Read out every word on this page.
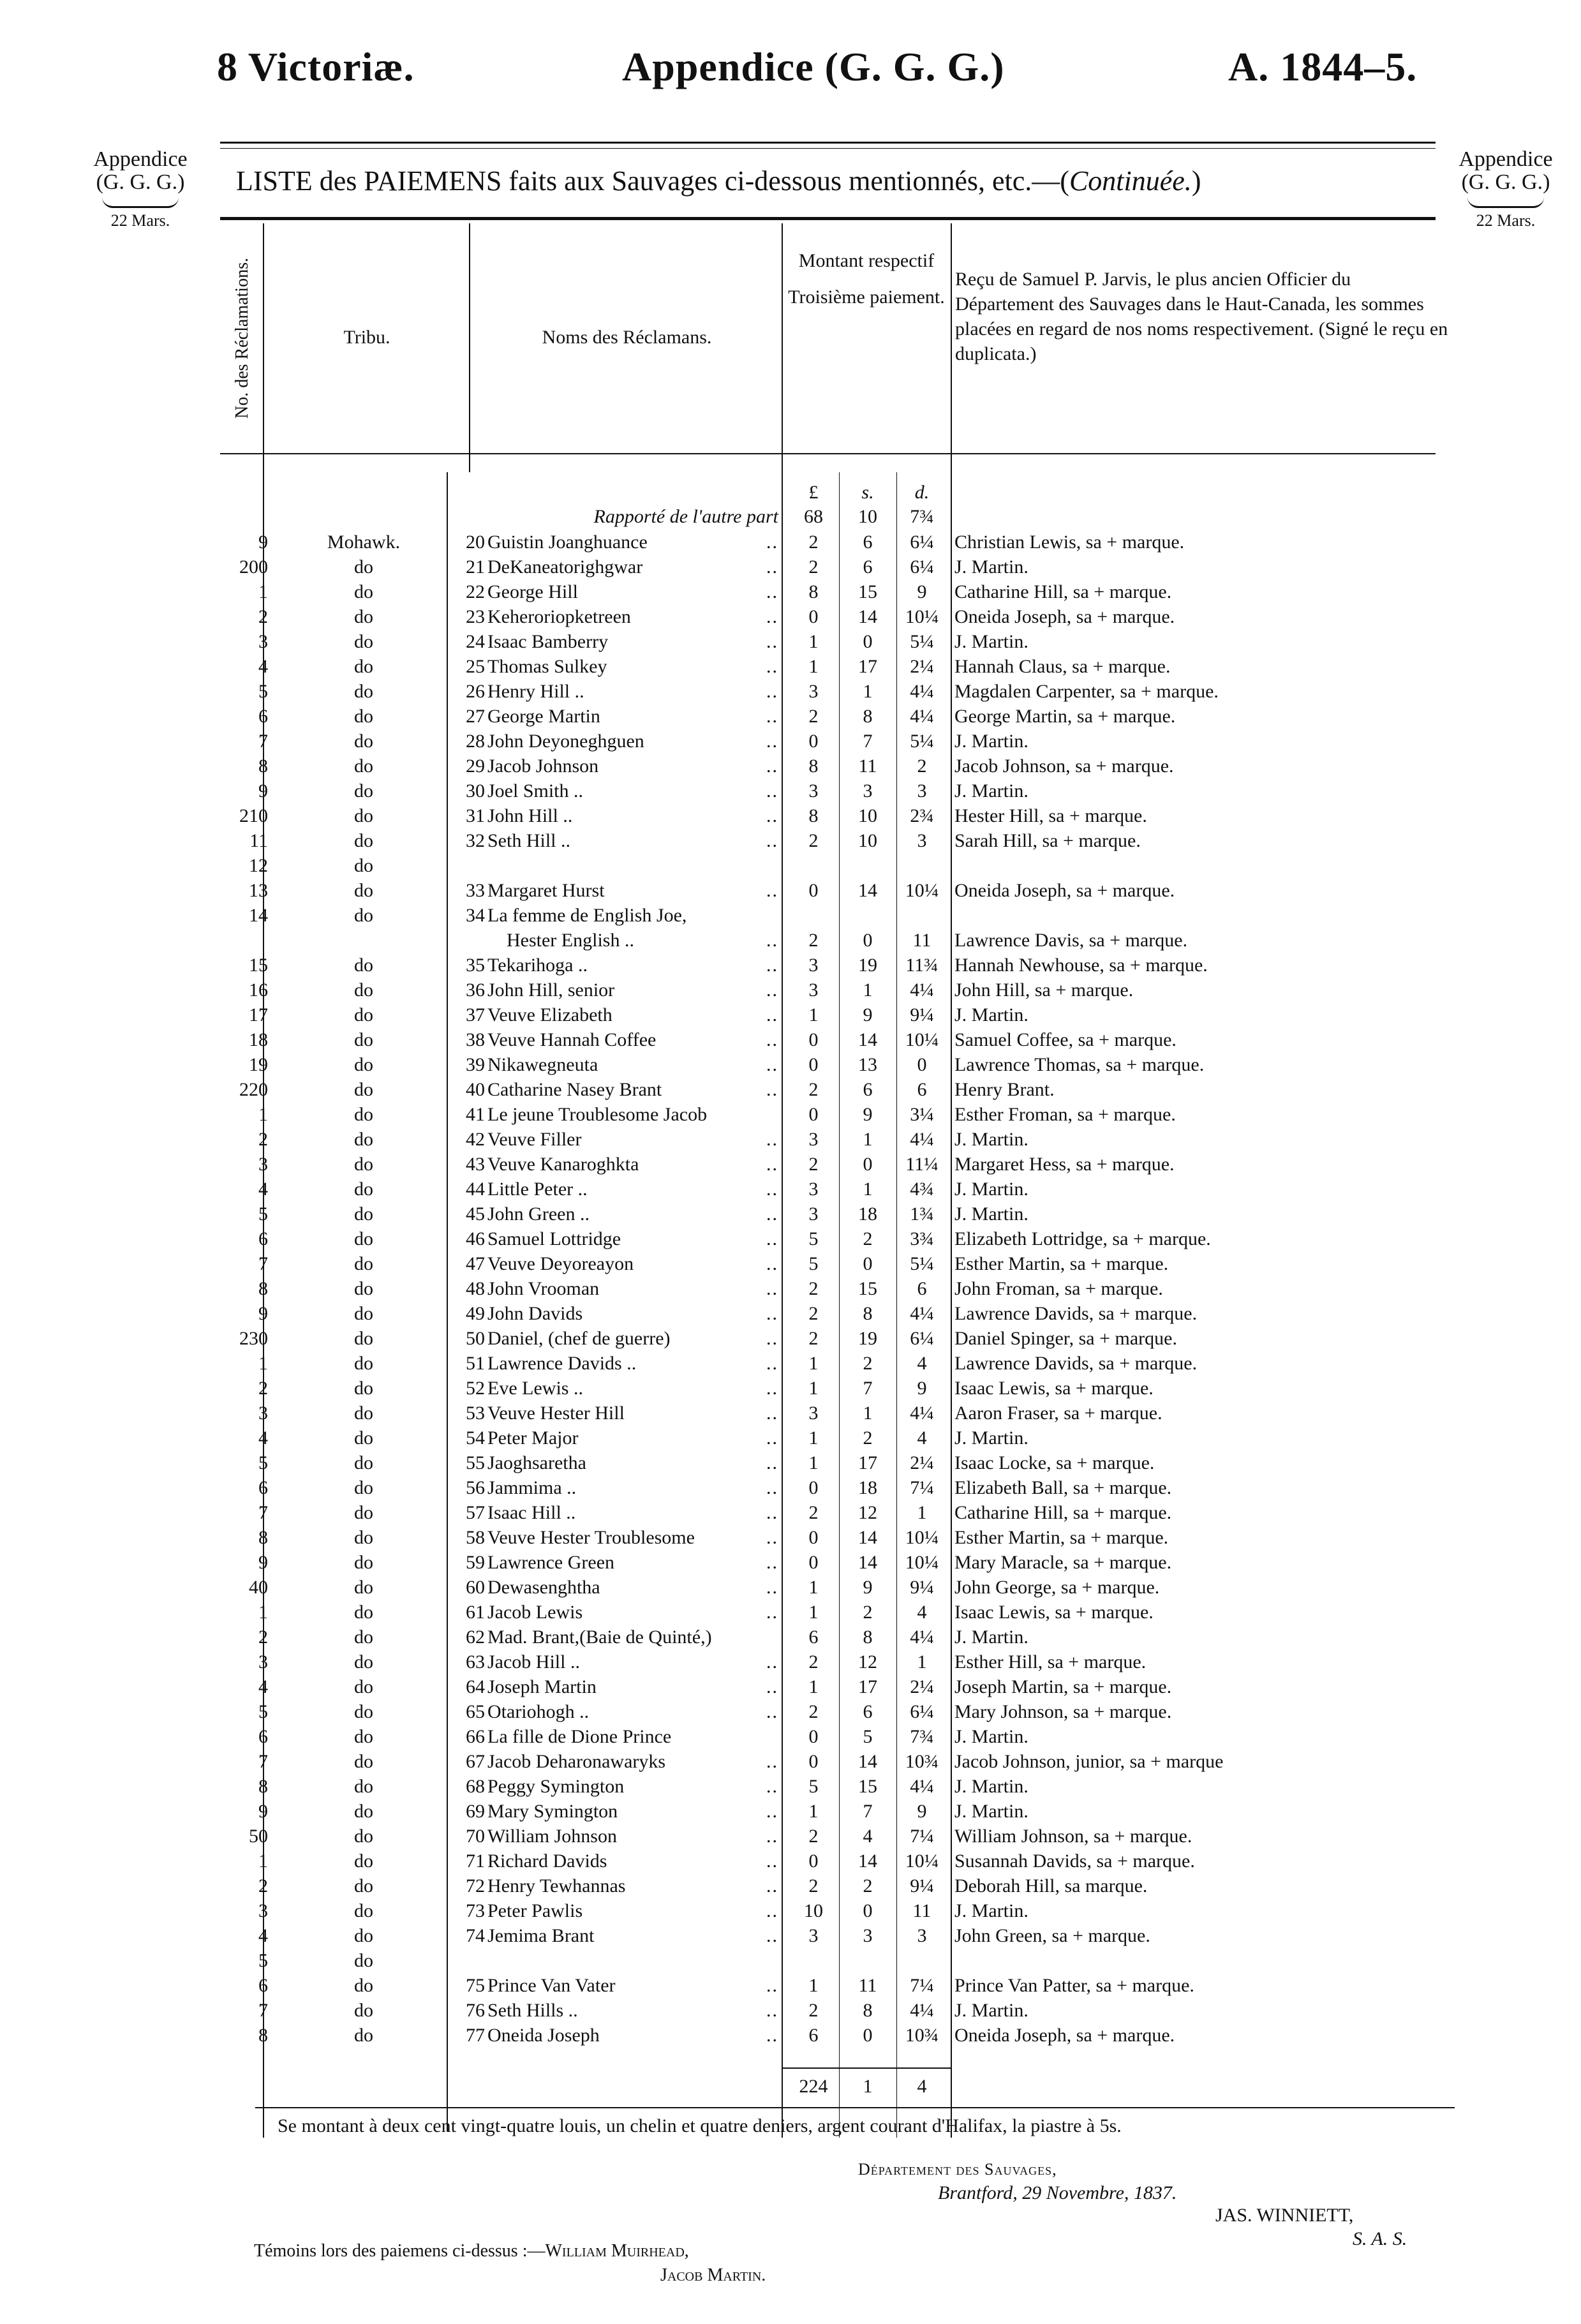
8 Victoriæ.	Appendice (G. G. G.)	A. 1844–5.
Appendice
(G. G. G.)
22 Mars.
Appendice
(G. G. G.)
22 Mars.
LISTE des PAIEMENS faits aux Sauvages ci-dessous mentionnés, etc.—(Continuée.)
No. des Réclamations.	Tribu.	Noms des Réclamans.
Montant respectif Troisième paiement.
Reçu de Samuel P. Jarvis, le plus ancien Officier du Département des Sauvages dans le Haut-Canada, les sommes placées en regard de nos noms respectivement. (Signé le reçu en duplicata.)
£	s.	d.
Rapporté de l'autre part	68	10	7¾
9	Mohawk.	20 Guistin Joanghuance	..	2	6	6¼	Christian Lewis, sa + marque.
200	do	21 DeKaneatorighgwar	..	2	6	6¼	J. Martin.
1	do	22 George Hill	..	8	15	9	Catharine Hill, sa + marque.
2	do	23 Keherorioрketreen	..	0	14	10¼ Oneida Joseph, sa + marque.
3	do	24 Isaac Bamberry	..	1	0	5¼	J. Martin.
4	do	25 Thomas Sulkey	..	1	17	2¼	Hannah Claus, sa + marque.
5	do	26 Henry Hill ..	..	3	1	4¼	Magdalen Carpenter, sa + marque.
6	do	27 George Martin	..	2	8	4¼	George Martin, sa + marque.
7	do	28 John Deyoneghguen	..	0	7	5¼	J. Martin.
8	do	29 Jacob Johnson	..	8	11	2	Jacob Johnson, sa + marque.
9	do	30 Joel Smith ..	..	3	3	3	J. Martin.
210	do	31 John Hill ..	..	8	10	2¾	Hester Hill, sa + marque.
11	do	32 Seth Hill ..	..	2	10	3	Sarah Hill, sa + marque.
12	do
13	do	33 Margaret Hurst	..	0	14	10¼ Oneida Joseph, sa + marque.
14	do	34 La femme de English Joe,
Hester English ..	..	2	0	11	Lawrence Davis, sa + marque.
15	do	35 Tekarihoga ..	..	3	19	11¾ Hannah Newhouse, sa + marque.
16	do	36 John Hill, senior	..	3	1	4¼	John Hill, sa + marque.
17	do	37 Veuve Elizabeth	..	1	9	9¼	J. Martin.
18	do	38 Veuve Hannah Coffee	..	0	14	10¼ Samuel Coffee, sa + marque.
19	do	39 Nikawegneuta	..	0	13	0	Lawrence Thomas, sa + marque.
220	do	40 Catharine Nasey Brant	..	2	6	6	Henry Brant.
1	do	41 Le jeune Troublesome Jacob	0	9	3¼	Esther Froman, sa + marque.
2	do	42 Veuve Filler	..	3	1	4¼	J. Martin.
3	do	43 Veuve Kanaroghkta	..	2	0	11¼ Margaret Hess, sa + marque.
4	do	44 Little Peter ..	..	3	1	4¾	J. Martin.
5	do	45 John Green ..	..	3	18	1¾	J. Martin.
6	do	46 Samuel Lottridge	..	5	2	3¾	Elizabeth Lottridge, sa + marque.
7	do	47 Veuve Deyoreayon	..	5	0	5¼	Esther Martin, sa + marque.
8	do	48 John Vrooman	..	2	15	6	John Froman, sa + marque.
9	do	49 John Davids	..	2	8	4¼	Lawrence Davids, sa + marque.
230	do	50 Daniel, (chef de guerre)	..	2	19	6¼	Daniel Spinger, sa + marque.
1	do	51 Lawrence Davids ..	..	1	2	4	Lawrence Davids, sa + marque.
2	do	52 Eve Lewis ..	..	1	7	9	Isaac Lewis, sa + marque.
3	do	53 Veuve Hester Hill	..	3	1	4¼	Aaron Fraser, sa + marque.
4	do	54 Peter Major	..	1	2	4	J. Martin.
5	do	55 Jaoghsaretha	..	1	17	2¼	Isaac Locke, sa + marque.
6	do	56 Jammima ..	..	0	18	7¼	Elizabeth Ball, sa + marque.
7	do	57 Isaac Hill ..	..	2	12	1	Catharine Hill, sa + marque.
8	do	58 Veuve Hester Troublesome	..	0	14	10¼ Esther Martin, sa + marque.
9	do	59 Lawrence Green	..	0	14	10¼ Mary Maracle, sa + marque.
40	do	60 Dewasenghtha	..	1	9	9¼	John George, sa + marque.
1	do	61 Jacob Lewis	..	1	2	4	Isaac Lewis, sa + marque.
2	do	62 Mad. Brant,(Baie de Quinté,)	6	8	4¼	J. Martin.
3	do	63 Jacob Hill ..	..	2	12	1	Esther Hill, sa + marque.
4	do	64 Joseph Martin	..	1	17	2¼	Joseph Martin, sa + marque.
5	do	65 Otariohogh ..	..	2	6	6¼	Mary Johnson, sa + marque.
6	do	66 La fille de Dione Prince	0	5	7¾	J. Martin.
7	do	67 Jacob Deharonawaryks	..	0	14	10¾ Jacob Johnson, junior, sa + marque
8	do	68 Peggy Symington	..	5	15	4¼	J. Martin.
9	do	69 Mary Symington	..	1	7	9	J. Martin.
50	do	70 William Johnson	..	2	4	7¼	William Johnson, sa + marque.
1	do	71 Richard Davids	..	0	14	10¼ Susannah Davids, sa + marque.
2	do	72 Henry Tewhannas	..	2	2	9¼	Deborah Hill, sa marque.
3	do	73 Peter Pawlis	..	10	0	11	J. Martin.
4	do	74 Jemima Brant	..	3	3	3	John Green, sa + marque.
5	do
6	do	75 Prince Van Vater	..	1	11	7¼	Prince Van Patter, sa + marque.
7	do	76 Seth Hills ..	..	2	8	4¼	J. Martin.
8	do	77 Oneida Joseph	..	6	0	10¾ Oneida Joseph, sa + marque.
224	1	4
Se montant à deux cent vingt-quatre louis, un chelin et quatre deniers, argent courant d'Halifax, la piastre à 5s.
Département des Sauvages,
Brantford, 29 Novembre, 1837.
JAS. WINNIETT,
S. A. S.
Témoins lors des paiemens ci-dessus :—William Muirhead,
Jacob Martin.
